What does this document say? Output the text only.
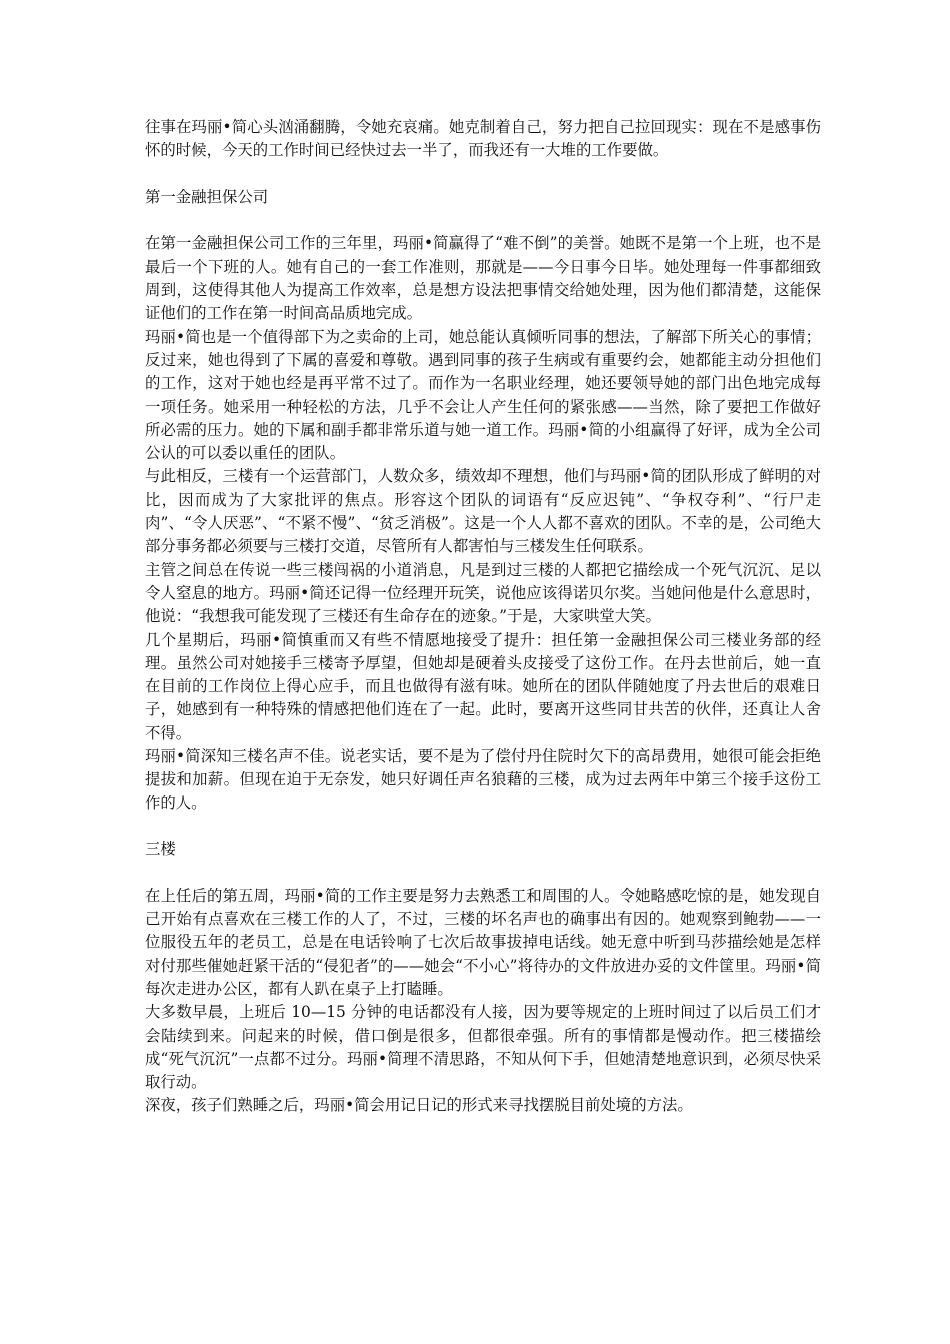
往事在玛丽•简心头汹涌翻腾，令她充哀痛。她克制着自己，努力把自己拉回现实：现在不是感事伤怀的时候，今天的工作时间已经快过去一半了，而我还有一大堆的工作要做。

第一金融担保公司

在第一金融担保公司工作的三年里，玛丽•简赢得了“难不倒”的美誉。她既不是第一个上班，也不是最后一个下班的人。她有自己的一套工作准则，那就是——今日事今日毕。她处理每一件事都细致周到，这使得其他人为提高工作效率，总是想方设法把事情交给她处理，因为他们都清楚，这能保证他们的工作在第一时间高品质地完成。

玛丽•简也是一个值得部下为之卖命的上司，她总能认真倾听同事的想法，了解部下所关心的事情；反过来，她也得到了下属的喜爱和尊敬。遇到同事的孩子生病或有重要约会，她都能主动分担他们的工作，这对于她也经是再平常不过了。而作为一名职业经理，她还要领导她的部门出色地完成每一项任务。她采用一种轻松的方法，几乎不会让人产生任何的紧张感——当然，除了要把工作做好所必需的压力。她的下属和副手都非常乐道与她一道工作。玛丽•简的小组赢得了好评，成为全公司公认的可以委以重任的团队。

与此相反，三楼有一个运营部门，人数众多，绩效却不理想，他们与玛丽•简的团队形成了鲜明的对比，因而成为了大家批评的焦点。形容这个团队的词语有“反应迟钝”、“争权夺利”、“行尸走肉”、“令人厌恶”、“不紧不慢”、“贫乏消极”。这是一个人人都不喜欢的团队。不幸的是，公司绝大部分事务都必须要与三楼打交道，尽管所有人都害怕与三楼发生任何联系。

主管之间总在传说一些三楼闯祸的小道消息，凡是到过三楼的人都把它描绘成一个死气沉沉、足以令人窒息的地方。玛丽•简还记得一位经理开玩笑，说他应该得诺贝尔奖。当她问他是什么意思时，他说：“我想我可能发现了三楼还有生命存在的迹象。”于是，大家哄堂大笑。

几个星期后，玛丽•简慎重而又有些不情愿地接受了提升：担任第一金融担保公司三楼业务部的经理。虽然公司对她接手三楼寄予厚望，但她却是硬着头皮接受了这份工作。在丹去世前后，她一直在目前的工作岗位上得心应手，而且也做得有滋有味。她所在的团队伴随她度了丹去世后的艰难日子，她感到有一种特殊的情感把他们连在了一起。此时，要离开这些同甘共苦的伙伴，还真让人舍不得。

玛丽•简深知三楼名声不佳。说老实话，要不是为了偿付丹住院时欠下的高昂费用，她很可能会拒绝提拔和加薪。但现在迫于无奈发，她只好调任声名狼藉的三楼，成为过去两年中第三个接手这份工作的人。

三楼

在上任后的第五周，玛丽•简的工作主要是努力去熟悉工和周围的人。令她略感吃惊的是，她发现自己开始有点喜欢在三楼工作的人了，不过，三楼的坏名声也的确事出有因的。她观察到鲍勃——一位服役五年的老员工，总是在电话铃响了七次后故事拔掉电话线。她无意中听到马莎描绘她是怎样对付那些催她赶紧干活的“侵犯者”的——她会“不小心”将待办的文件放进办妥的文件筐里。玛丽•简每次走进办公区，都有人趴在桌子上打瞌睡。

大多数早晨，上班后 10—15 分钟的电话都没有人接，因为要等规定的上班时间过了以后员工们才会陆续到来。问起来的时候，借口倒是很多，但都很牵强。所有的事情都是慢动作。把三楼描绘成“死气沉沉”一点都不过分。玛丽•简理不清思路，不知从何下手，但她清楚地意识到，必须尽快采取行动。

深夜，孩子们熟睡之后，玛丽•简会用记日记的形式来寻找摆脱目前处境的方法。
